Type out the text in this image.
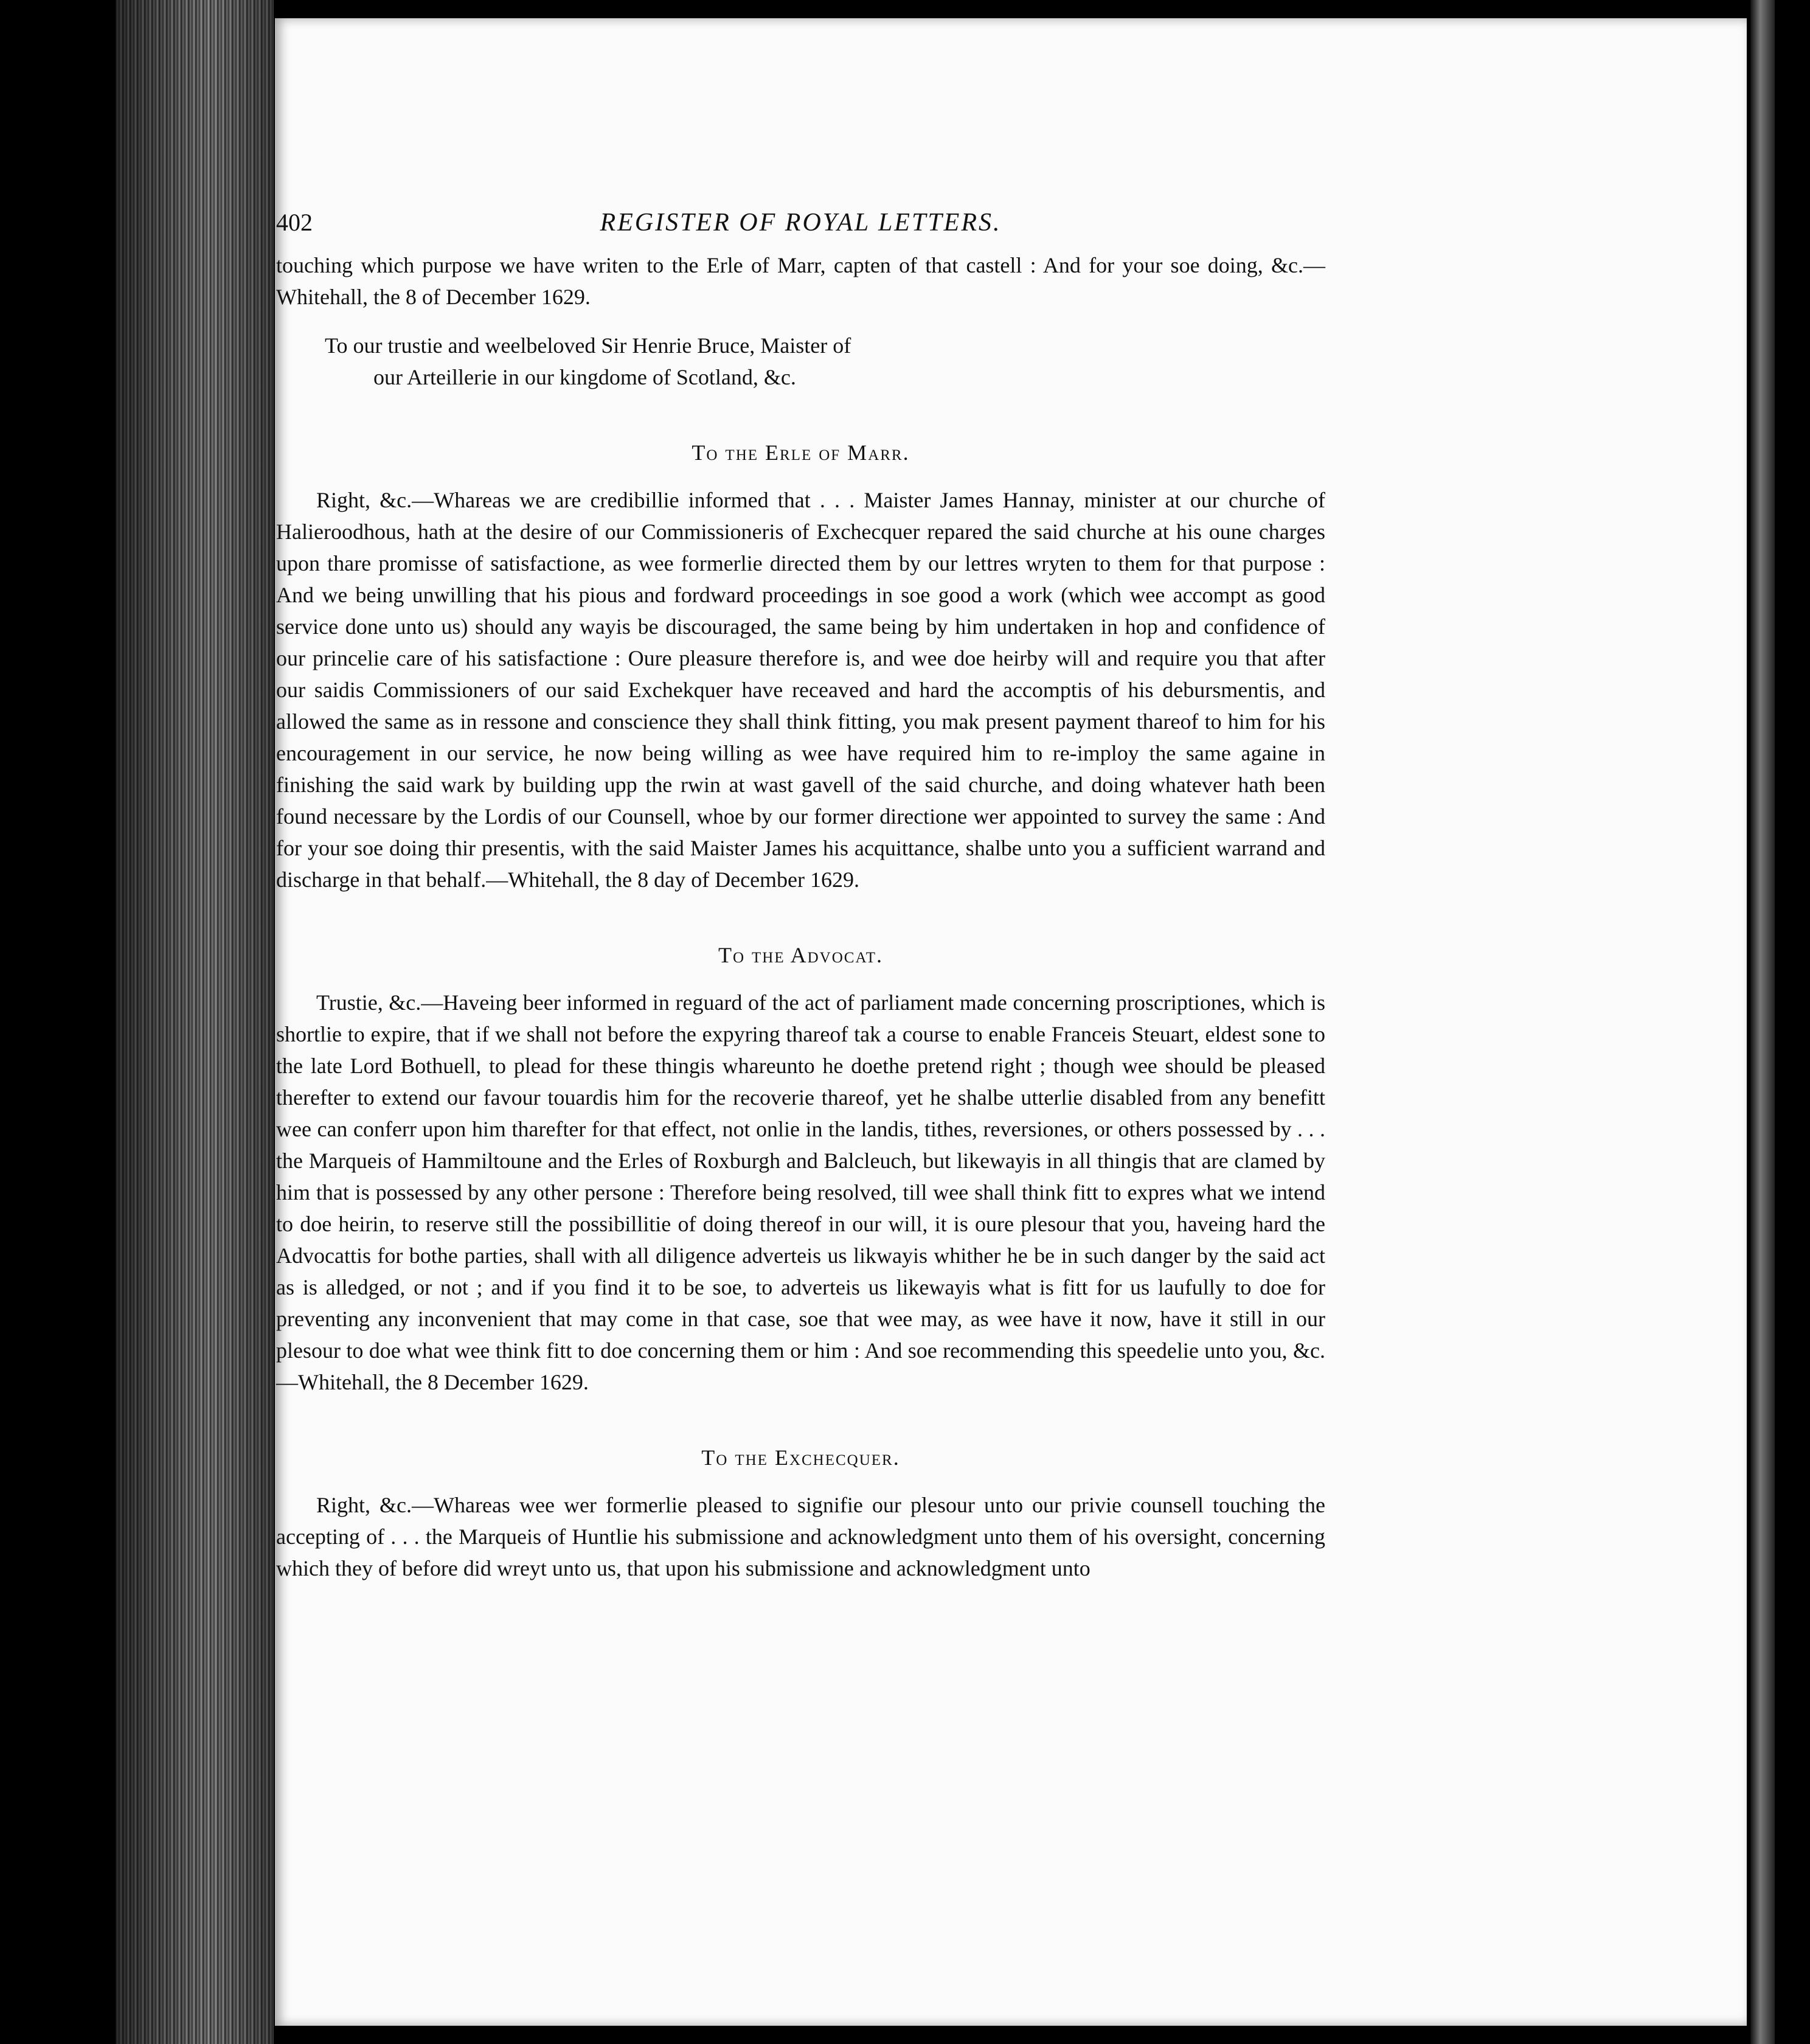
402	REGISTER OF ROYAL LETTERS.

touching which purpose we have writen to the Erle of Marr, capten of that castell : And for your soe doing, &c.—Whitehall, the 8 of December 1629.

To our trustie and weelbeloved Sir Henrie Bruce, Maister of
our Arteillerie in our kingdome of Scotland, &c.
To the Erle of Marr.

Right, &c.—Whareas we are credibillie informed that . . . Maister James Hannay, minister at our churche of Halieroodhous, hath at the desire of our Commissioneris of Exchecquer repared the said churche at his oune charges upon thare promisse of satisfactione, as wee formerlie directed them by our lettres wryten to them for that purpose : And we being unwilling that his pious and fordward proceedings in soe good a work (which wee accompt as good service done unto us) should any wayis be discouraged, the same being by him undertaken in hop and confidence of our princelie care of his satisfactione : Oure pleasure therefore is, and wee doe heirby will and require you that after our saidis Commissioners of our said Exchekquer have receaved and hard the accomptis of his debursmentis, and allowed the same as in ressone and conscience they shall think fitting, you mak present payment thareof to him for his encouragement in our service, he now being willing as wee have required him to re-imploy the same againe in finishing the said wark by building upp the rwin at wast gavell of the said churche, and doing whatever hath been found necessare by the Lordis of our Counsell, whoe by our former directione wer appointed to survey the same : And for your soe doing thir presentis, with the said Maister James his acquittance, shalbe unto you a sufficient warrand and discharge in that behalf.—Whitehall, the 8 day of December 1629.

To the Advocat.

Trustie, &c.—Haveing beer informed in reguard of the act of parliament made concerning proscriptiones, which is shortlie to expire, that if we shall not before the expyring thareof tak a course to enable Franceis Steuart, eldest sone to the late Lord Bothuell, to plead for these thingis whareunto he doethe pretend right ; though wee should be pleased therefter to extend our favour touardis him for the recoverie thareof, yet he shalbe utterlie disabled from any benefitt wee can conferr upon him tharefter for that effect, not onlie in the landis, tithes, reversiones, or others possessed by . . . the Marqueis of Hammiltoune and the Erles of Roxburgh and Balcleuch, but likewayis in all thingis that are clamed by him that is possessed by any other persone : Therefore being resolved, till wee shall think fitt to expres what we intend to doe heirin, to reserve still the possibillitie of doing thereof in our will, it is oure plesour that you, haveing hard the Advocattis for bothe parties, shall with all diligence adverteis us likwayis whither he be in such danger by the said act as is alledged, or not ; and if you find it to be soe, to adverteis us likewayis what is fitt for us laufully to doe for preventing any inconvenient that may come in that case, soe that wee may, as wee have it now, have it still in our plesour to doe what wee think fitt to doe concerning them or him : And soe recommending this speedelie unto you, &c.—Whitehall, the 8 December 1629.

To the Exchecquer.

Right, &c.—Whareas wee wer formerlie pleased to signifie our plesour unto our privie counsell touching the accepting of . . . the Marqueis of Huntlie his submissione and acknowledgment unto them of his oversight, concerning which they of before did wreyt unto us, that upon his submissione and acknowledgment unto
